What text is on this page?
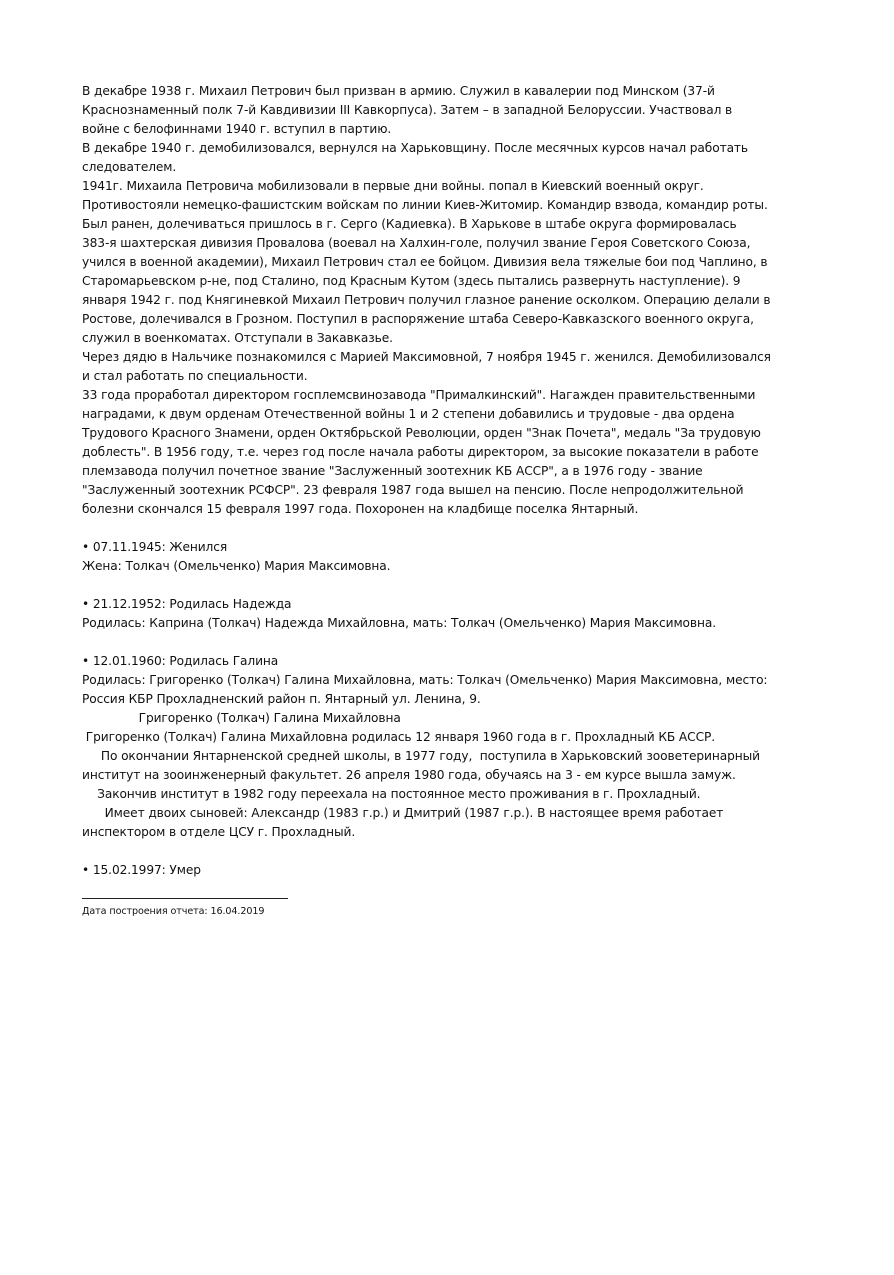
В декабре 1938 г. Михаил Петрович был призван в армию. Служил в кавалерии под Минском (37-й
Краснознаменный полк 7-й Кавдивизии III Кавкорпуса). Затем – в западной Белоруссии. Участвовал в
войне с белофиннами 1940 г. вступил в партию.

В декабре 1940 г. демобилизовался, вернулся на Харьковщину. После месячных курсов начал работать
следователем.

1941г. Михаила Петровича мобилизовали в первые дни войны. попал в Киевский военный округ.
Противостояли немецко-фашистским войскам по линии Киев-Житомир. Командир взвода, командир роты.
Был ранен, долечиваться пришлось в г. Серго (Кадиевка). В Харькове в штабе округа формировалась
383-я шахтерская дивизия Провалова (воевал на Халхин-голе, получил звание Героя Советского Союза,
учился в военной академии), Михаил Петрович стал ее бойцом. Дивизия вела тяжелые бои под Чаплино, в
Старомарьевском р-не, под Сталино, под Красным Кутом (здесь пытались развернуть наступление). 9
января 1942 г. под Княгиневкой Михаил Петрович получил глазное ранение осколком. Операцию делали в
Ростове, долечивался в Грозном. Поступил в распоряжение штаба Северо-Кавказского военного округа,
служил в военкоматах. Отступали в Закавказье.

Через дядю в Нальчике познакомился с Марией Максимовной, 7 ноября 1945 г. женился. Демобилизовался
и стал работать по специальности.

33 года проработал директором госплемсвинозавода "Прималкинский". Нагажден правительственными
наградами, к двум орденам Отечественной войны 1 и 2 степени добавились и трудовые - два ордена
Трудового Красного Знамени, орден Октябрьской Революции, орден "Знак Почета", медаль "За трудовую
доблесть". В 1956 году, т.е. через год после начала работы директором, за высокие показатели в работе
племзавода получил почетное звание "Заслуженный зоотехник КБ АССР", а в 1976 году - звание
"Заслуженный зоотехник РСФСР". 23 февраля 1987 года вышел на пенсию. После непродолжительной
болезни скончался 15 февраля 1997 года. Похоронен на кладбище поселка Янтарный.

• 07.11.1945: Женился

Жена: Толкач (Омельченко) Мария Максимовна.

• 21.12.1952: Родилась Надежда

Родилась: Каприна (Толкач) Надежда Михайловна, мать: Толкач (Омельченко) Мария Максимовна.

• 12.01.1960: Родилась Галина

Родилась: Григоренко (Толкач) Галина Михайловна, мать: Толкач (Омельченко) Мария Максимовна, место:

Россия КБР Прохладненский район п. Янтарный ул. Ленина, 9.

Григоренко (Толкач) Галина Михайловна

Григоренко (Толкач) Галина Михайловна родилась 12 января 1960 года в г. Прохладный КБ АССР.

По окончании Янтарненской средней школы, в 1977 году,  поступила в Харьковский зооветеринарный

институт на зооинженерный факультет. 26 апреля 1980 года, обучаясь на 3 - ем курсе вышла замуж.

Закончив институт в 1982 году переехала на постоянное место проживания в г. Прохладный.

Имеет двоих сыновей: Александр (1983 г.р.) и Дмитрий (1987 г.р.). В настоящее время работает

инспектором в отделе ЦСУ г. Прохладный.

• 15.02.1997: Умер

Дата построения отчета: 16.04.2019
